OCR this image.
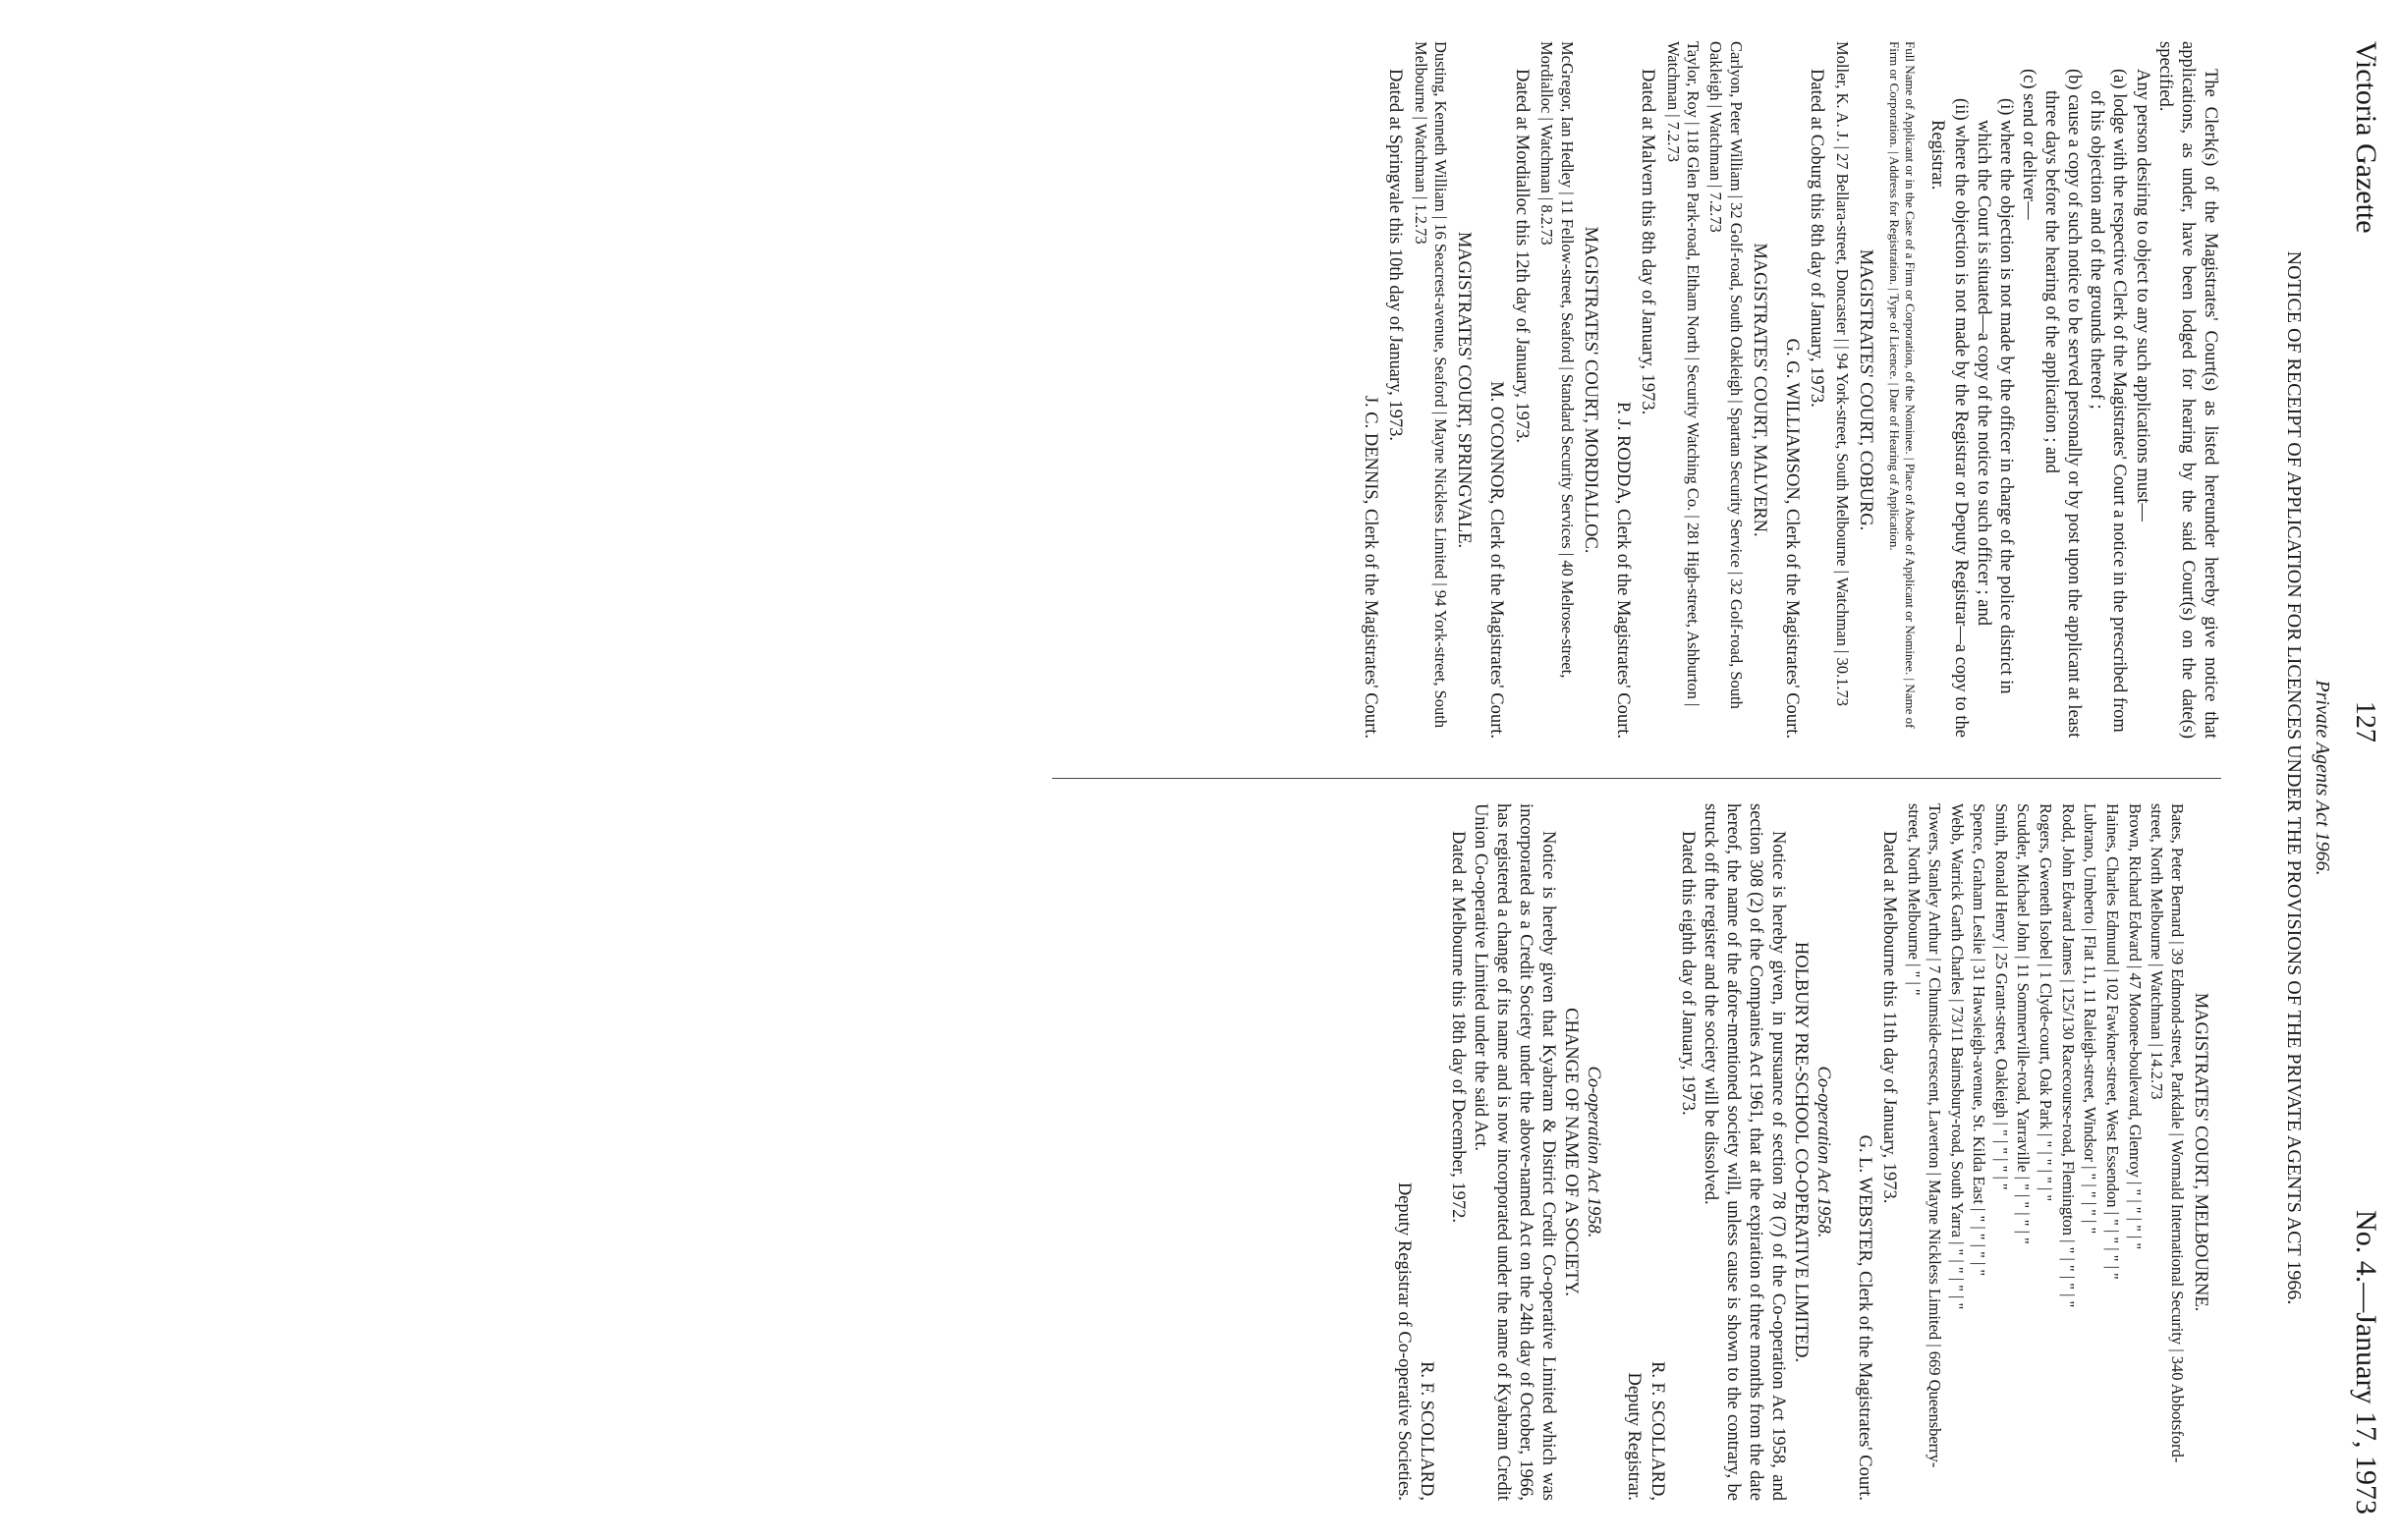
Victoria Gazette
127
No. 4.—January 17, 1973

Private Agents Act 1966.

NOTICE OF RECEIPT OF APPLICATION FOR LICENCES UNDER THE PROVISIONS OF THE PRIVATE AGENTS ACT 1966.

The Clerk(s) of the Magistrates' Court(s) as listed hereunder hereby give notice that applications, as under, have been lodged for hearing by the said Court(s) on the date(s) specified.

Any person desiring to object to any such applications must—

(a) lodge with the respective Clerk of the Magistrates' Court a notice in the prescribed from of his objection and of the grounds thereof ;

(b) cause a copy of such notice to be served personally or by post upon the applicant at least three days before the hearing of the application ; and

(c) send or deliver—

(i) where the objection is not made by the officer in charge of the police district in which the Court is situated—a copy of the notice to such officer ; and

(ii) where the objection is not made by the Registrar or Deputy Registrar—a copy to the Registrar.

Full Name of Applicant or in the Case of a Firm or Corporation, of the Nominee. | Place of Abode of Applicant or Nominee. | Name of Firm or Corporation. | Address for Registration. | Type of Licence. | Date of Hearing of Application.

MAGISTRATES' COURT, COBURG.

Moller, K. A. J. | 27 Bellara-street, Doncaster | | 94 York-street, South Melbourne | Watchman | 30.1.73

Dated at Coburg this 8th day of January, 1973.

G. G. WILLIAMSON, Clerk of the Magistrates' Court.

MAGISTRATES' COURT, MALVERN.

Carlyon, Peter William | 32 Golf-road, South Oakleigh | Spartan Security Service | 32 Golf-road, South Oakleigh | Watchman | 7.2.73

Taylor, Roy | 118 Glen Park-road, Eltham North | Security Watching Co. | 281 High-street, Ashburton | Watchman | 7.2.73

Dated at Malvern this 8th day of January, 1973.

P. J. RODDA, Clerk of the Magistrates' Court.

MAGISTRATES' COURT, MORDIALLOC.

McGregor, Ian Hedley | 11 Fellow-street, Seaford | Standard Security Services | 40 Melrose-street, Mordialloc | Watchman | 8.2.73

Dated at Mordialloc this 12th day of January, 1973.

M. O'CONNOR, Clerk of the Magistrates' Court.

MAGISTRATES' COURT, SPRINGVALE.

Dusting, Kenneth William | 16 Seacrest-avenue, Seaford | Mayne Nickless Limited | 94 York-street, South Melbourne | Watchman | 1.2.73

Dated at Springvale this 10th day of January, 1973.

J. C. DENNIS, Clerk of the Magistrates' Court.

MAGISTRATES' COURT, MELBOURNE.

Bates, Peter Bernard | 39 Edmond-street, Parkdale | Wormald International Security | 340 Abbotsford-street, North Melbourne | Watchman | 14.2.73

Brown, Richard Edward | 47 Moonee-boulevard, Glenroy | " | " | " | "

Haines, Charles Edmund | 102 Fawkner-street, West Essendon | " | " | " | "

Lubrano, Umberto | Flat 11, 11 Raleigh-street, Windsor | " | " | " | "

Rodd, John Edward James | 125/130 Racecourse-road, Flemington | " | " | " | "

Rogers, Gweneth Isobel | 1 Clyde-court, Oak Park | " | " | " | "

Scudder, Michael John | 11 Sommerville-road, Yarraville | " | " | " | "

Smith, Ronald Henry | 25 Grant-street, Oakleigh | " | " | " | "

Spence, Graham Leslie | 31 Hawsleigh-avenue, St. Kilda East | " | " | " | "

Webb, Warrick Garth Charles | 73/11 Bairnsbury-road, South Yarra | " | " | " | "

Towers, Stanley Arthur | 7 Chumside-crescent, Laverton | Mayne Nickless Limited | 669 Queensberry-street, North Melbourne | " | "

Dated at Melbourne this 11th day of January, 1973.

G. L. WEBSTER, Clerk of the Magistrates' Court.

Co-operation Act 1958.

HOLBURY PRE-SCHOOL CO-OPERATIVE LIMITED.

Notice is hereby given, in pursuance of section 78 (7) of the Co-operation Act 1958, and section 308 (2) of the Companies Act 1961, that at the expiration of three months from the date hereof, the name of the afore-mentioned society will, unless cause is shown to the contrary, be struck off the register and the society will be dissolved.

Dated this eighth day of January, 1973.

R. F. SCOLLARD,

Deputy Registrar.

Co-operation Act 1958.

CHANGE OF NAME OF A SOCIETY.

Notice is hereby given that Kyabram & District Credit Co-operative Limited which was incorporated as a Credit Society under the above-named Act on the 24th day of October, 1966, has registered a change of its name and is now incorporated under the name of Kyabram Credit Union Co-operative Limited under the said Act.

Dated at Melbourne this 18th day of December, 1972.

R. F. SCOLLARD,

Deputy Registrar of Co-operative Societies.
